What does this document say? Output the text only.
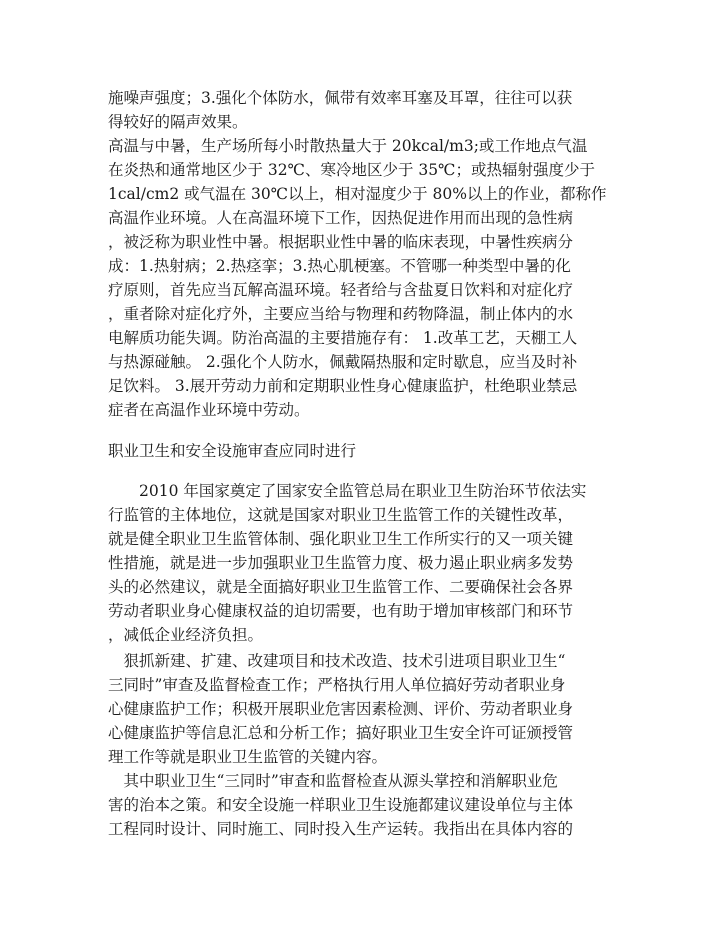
施噪声强度；3.强化个体防水，佩带有效率耳塞及耳罩，往往可以获
得较好的隔声效果。
高温与中暑，生产场所每小时散热量大于 20kcal/m3;或工作地点气温
在炎热和通常地区少于 32℃、寒冷地区少于 35℃；或热辐射强度少于
1cal/cm2 或气温在 30℃以上，相对湿度少于 80%以上的作业，都称作
高温作业环境。人在高温环境下工作，因热促进作用而出现的急性病
，被泛称为职业性中暑。根据职业性中暑的临床表现，中暑性疾病分
成：1.热射病；2.热痉挛；3.热心肌梗塞。不管哪一种类型中暑的化
疗原则，首先应当瓦解高温环境。轻者给与含盐夏日饮料和对症化疗
，重者除对症化疗外，主要应当给与物理和药物降温，制止体内的水
电解质功能失调。防治高温的主要措施存有： 1.改革工艺，天棚工人
与热源碰触。 2.强化个人防水，佩戴隔热服和定时歇息，应当及时补
足饮料。 3.展开劳动力前和定期职业性身心健康监护，杜绝职业禁忌
症者在高温作业环境中劳动。
职业卫生和安全设施审查应同时进行
　　2010 年国家奠定了国家安全监管总局在职业卫生防治环节依法实
行监管的主体地位，这就是国家对职业卫生监管工作的关键性改革，
就是健全职业卫生监管体制、强化职业卫生工作所实行的又一项关键
性措施，就是进一步加强职业卫生监管力度、极力遏止职业病多发势
头的必然建议，就是全面搞好职业卫生监管工作、二要确保社会各界
劳动者职业身心健康权益的迫切需要，也有助于增加审核部门和环节
，减低企业经济负担。
　狠抓新建、扩建、改建项目和技术改造、技术引进项目职业卫生“
三同时”审查及监督检查工作；严格执行用人单位搞好劳动者职业身
心健康监护工作；积极开展职业危害因素检测、评价、劳动者职业身
心健康监护等信息汇总和分析工作；搞好职业卫生安全许可证颁授管
理工作等就是职业卫生监管的关键内容。
　其中职业卫生“三同时”审查和监督检查从源头掌控和消解职业危
害的治本之策。和安全设施一样职业卫生设施都建议建设单位与主体
工程同时设计、同时施工、同时投入生产运转。我指出在具体内容的
